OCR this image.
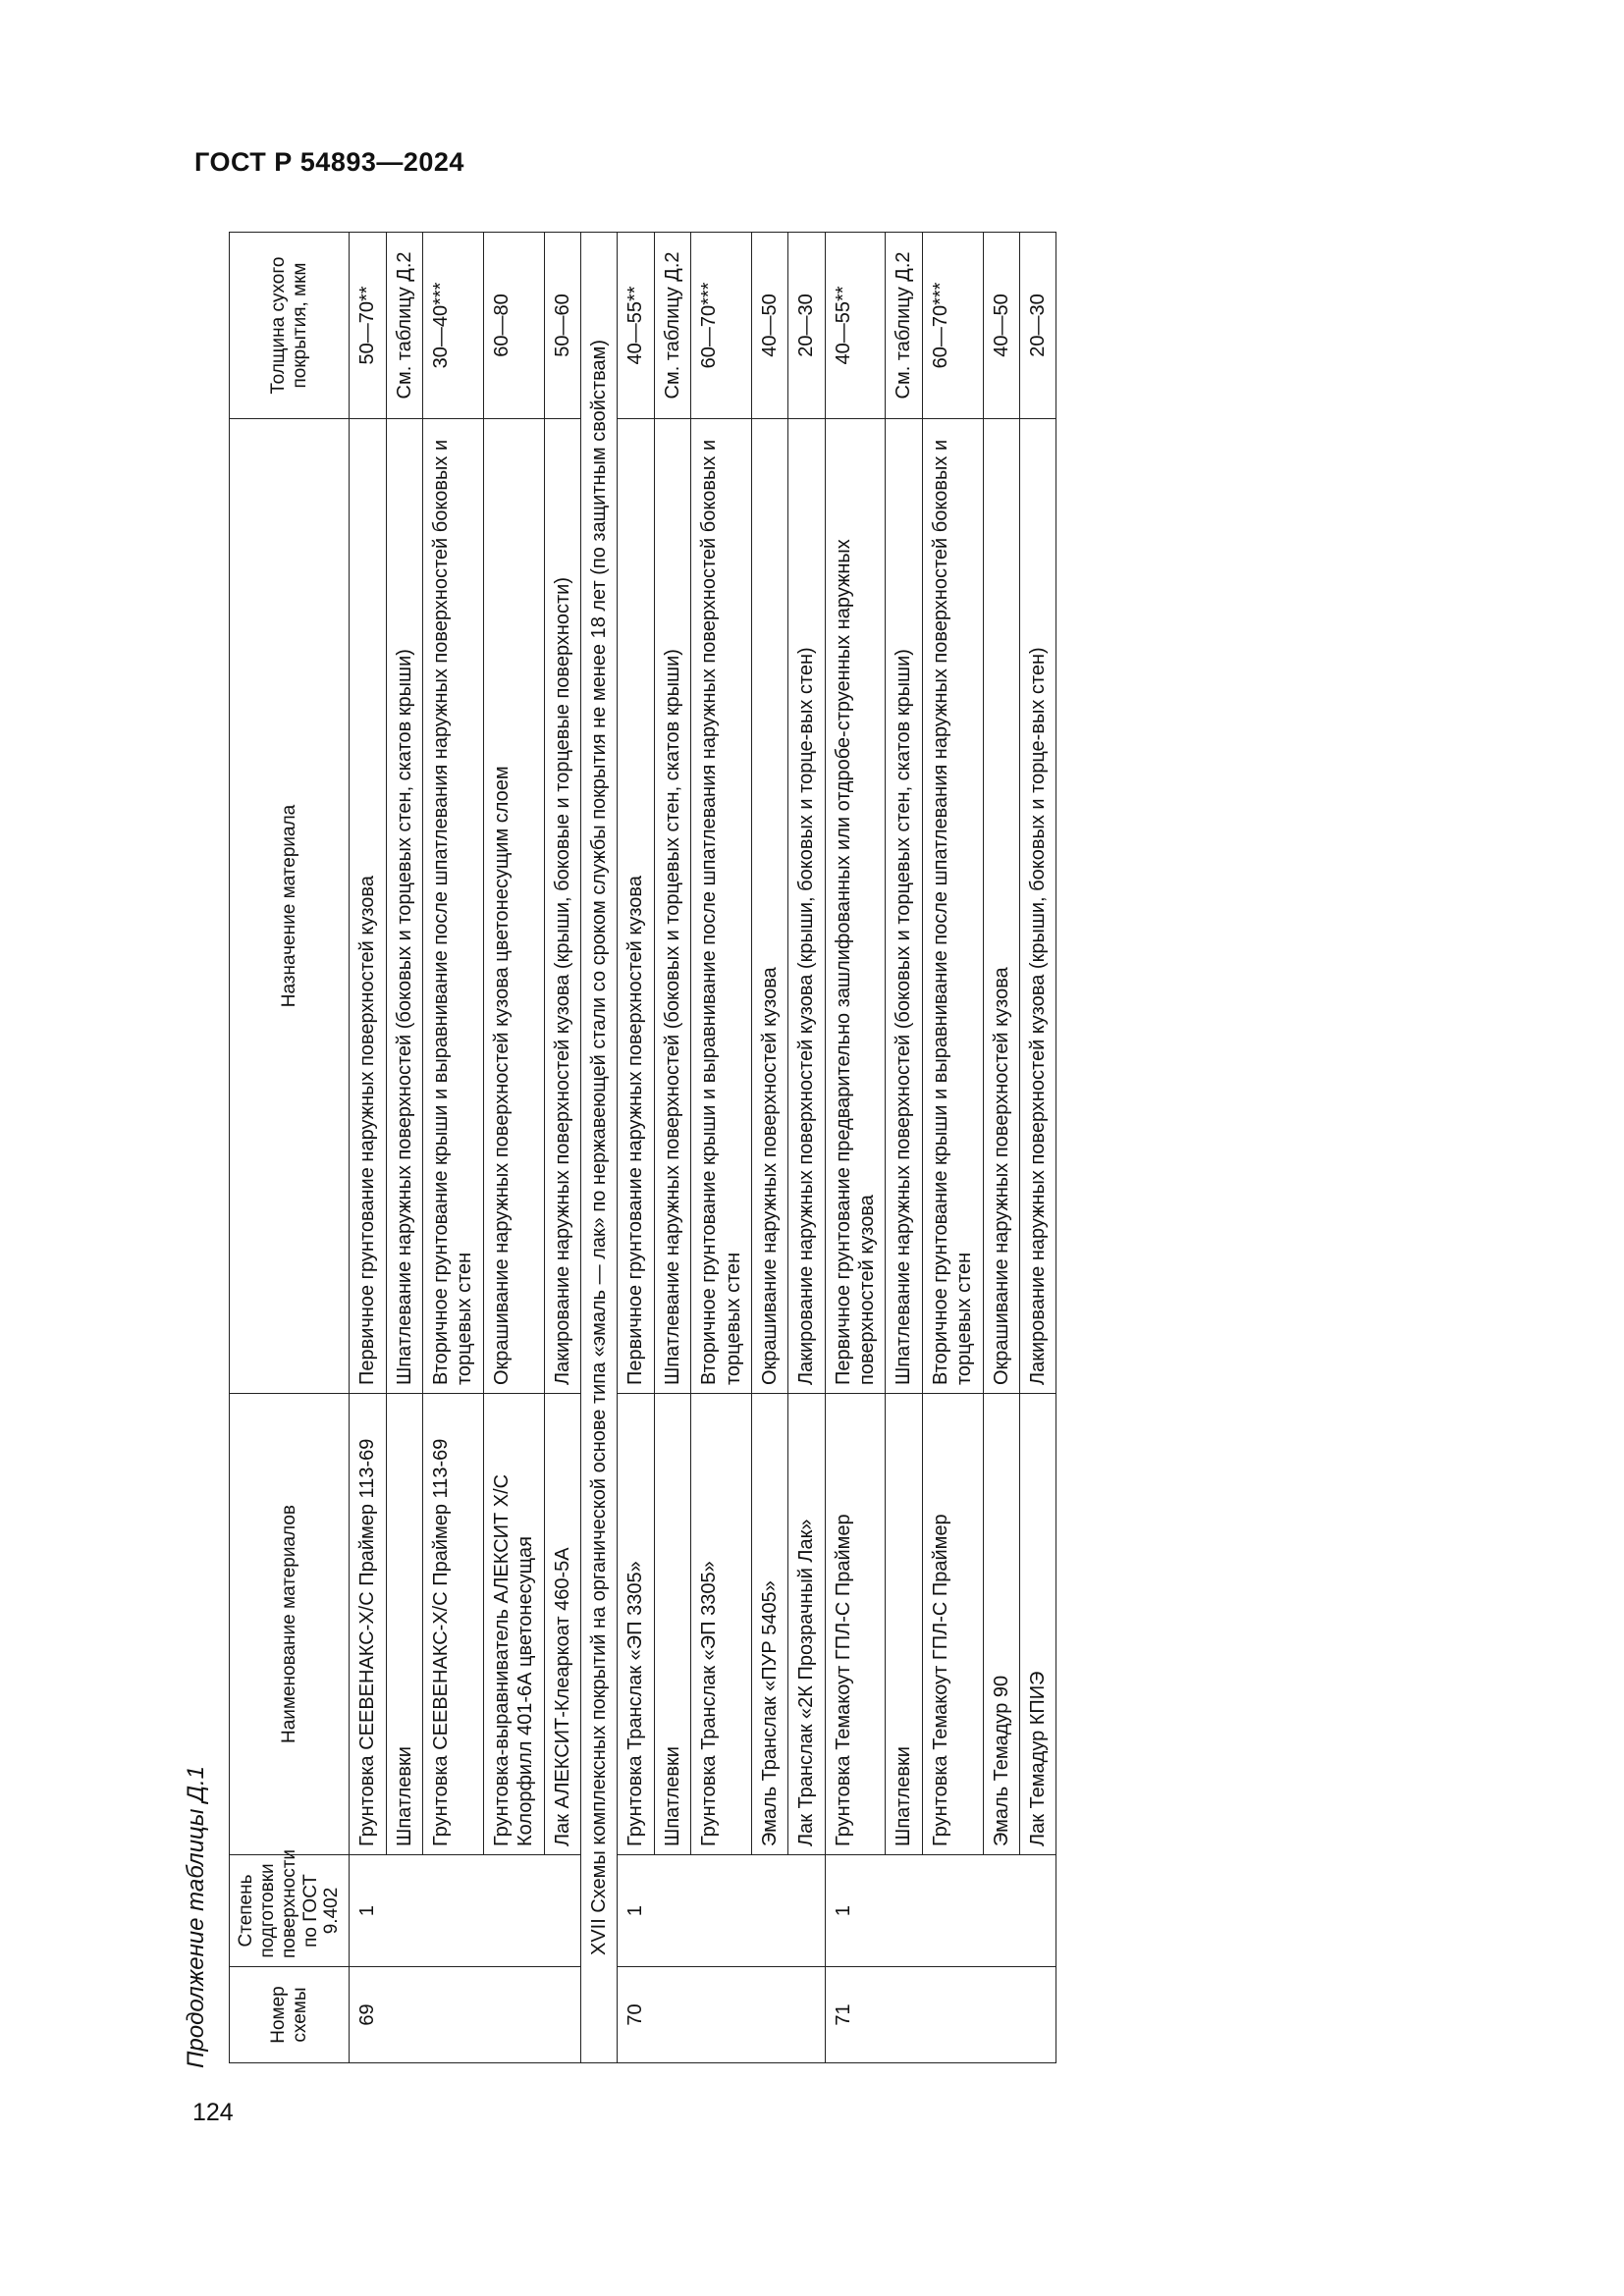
ГОСТ Р 54893—2024
124
Продолжение таблицы Д.1	Номер схемы	Степень подготовки поверхности по ГОСТ 9.402	Наименование материалов	Назначение материала	Толщина сухого покрытия, мкм
69	1	Грунтовка СЕЕВЕНАКС-Х/С Праймер 113-69	Первичное грунтование наружных поверхностей кузова	50—70**
		Шпатлевки	Шпатлевание наружных поверхностей (боковых и торцевых стен, скатов крыши)	См. таблицу Д.2
		Грунтовка СЕЕВЕНАКС-Х/С Праймер 113-69	Вторичное грунтование крыши и выравнивание после шпатлевания наружных поверхностей боковых и торцевых стен	30—40***
		Грунтовка-выравниватель АЛЕКСИТ Х/С Колорфилл 401-6А цветонесущая	Окрашивание наружных поверхностей кузова цветонесущим слоем	60—80
		Лак АЛЕКСИТ-Клеаркоат 460-5А	Лакирование наружных поверхностей кузова (крыши, боковые и торцевые поверхности)	50—60
XVII Схемы комплексных покрытий на органической основе типа «эмаль — лак» по нержавеющей стали со сроком службы покрытия не менее 18 лет (по защитным свойствам)				
70	1	Грунтовка Транслак «ЭП 3305»	Первичное грунтование наружных поверхностей кузова	40—55**
		Шпатлевки	Шпатлевание наружных поверхностей (боковых и торцевых стен, скатов крыши)	См. таблицу Д.2
		Грунтовка Транслак «ЭП 3305»	Вторичное грунтование крыши и выравнивание после шпатлевания наружных поверхностей боковых и торцевых стен	60—70***
		Эмаль Транслак «ПУР 5405»	Окрашивание наружных поверхностей кузова	40—50
		Лак Транслак «2К Прозрачный Лак»	Лакирование наружных поверхностей кузова (крыши, боковых и торце-вых стен)	20—30
71	1	Грунтовка Темакоут ГПЛ-С Праймер	Первичное грунтование предварительно зашлифованных или отдробе-струенных наружных поверхностей кузова	40—55**
		Шпатлевки	Шпатлевание наружных поверхностей (боковых и торцевых стен, скатов крыши)	См. таблицу Д.2
		Грунтовка Темакоут ГПЛ-С Праймер	Вторичное грунтование крыши и выравнивание после шпатлевания наружных поверхностей боковых и торцевых стен	60—70***
		Эмаль Темадур 90	Окрашивание наружных поверхностей кузова	40—50
		Лак Темадур КПИЭ	Лакирование наружных поверхностей кузова (крыши, боковых и торце-вых стен)	20—30
